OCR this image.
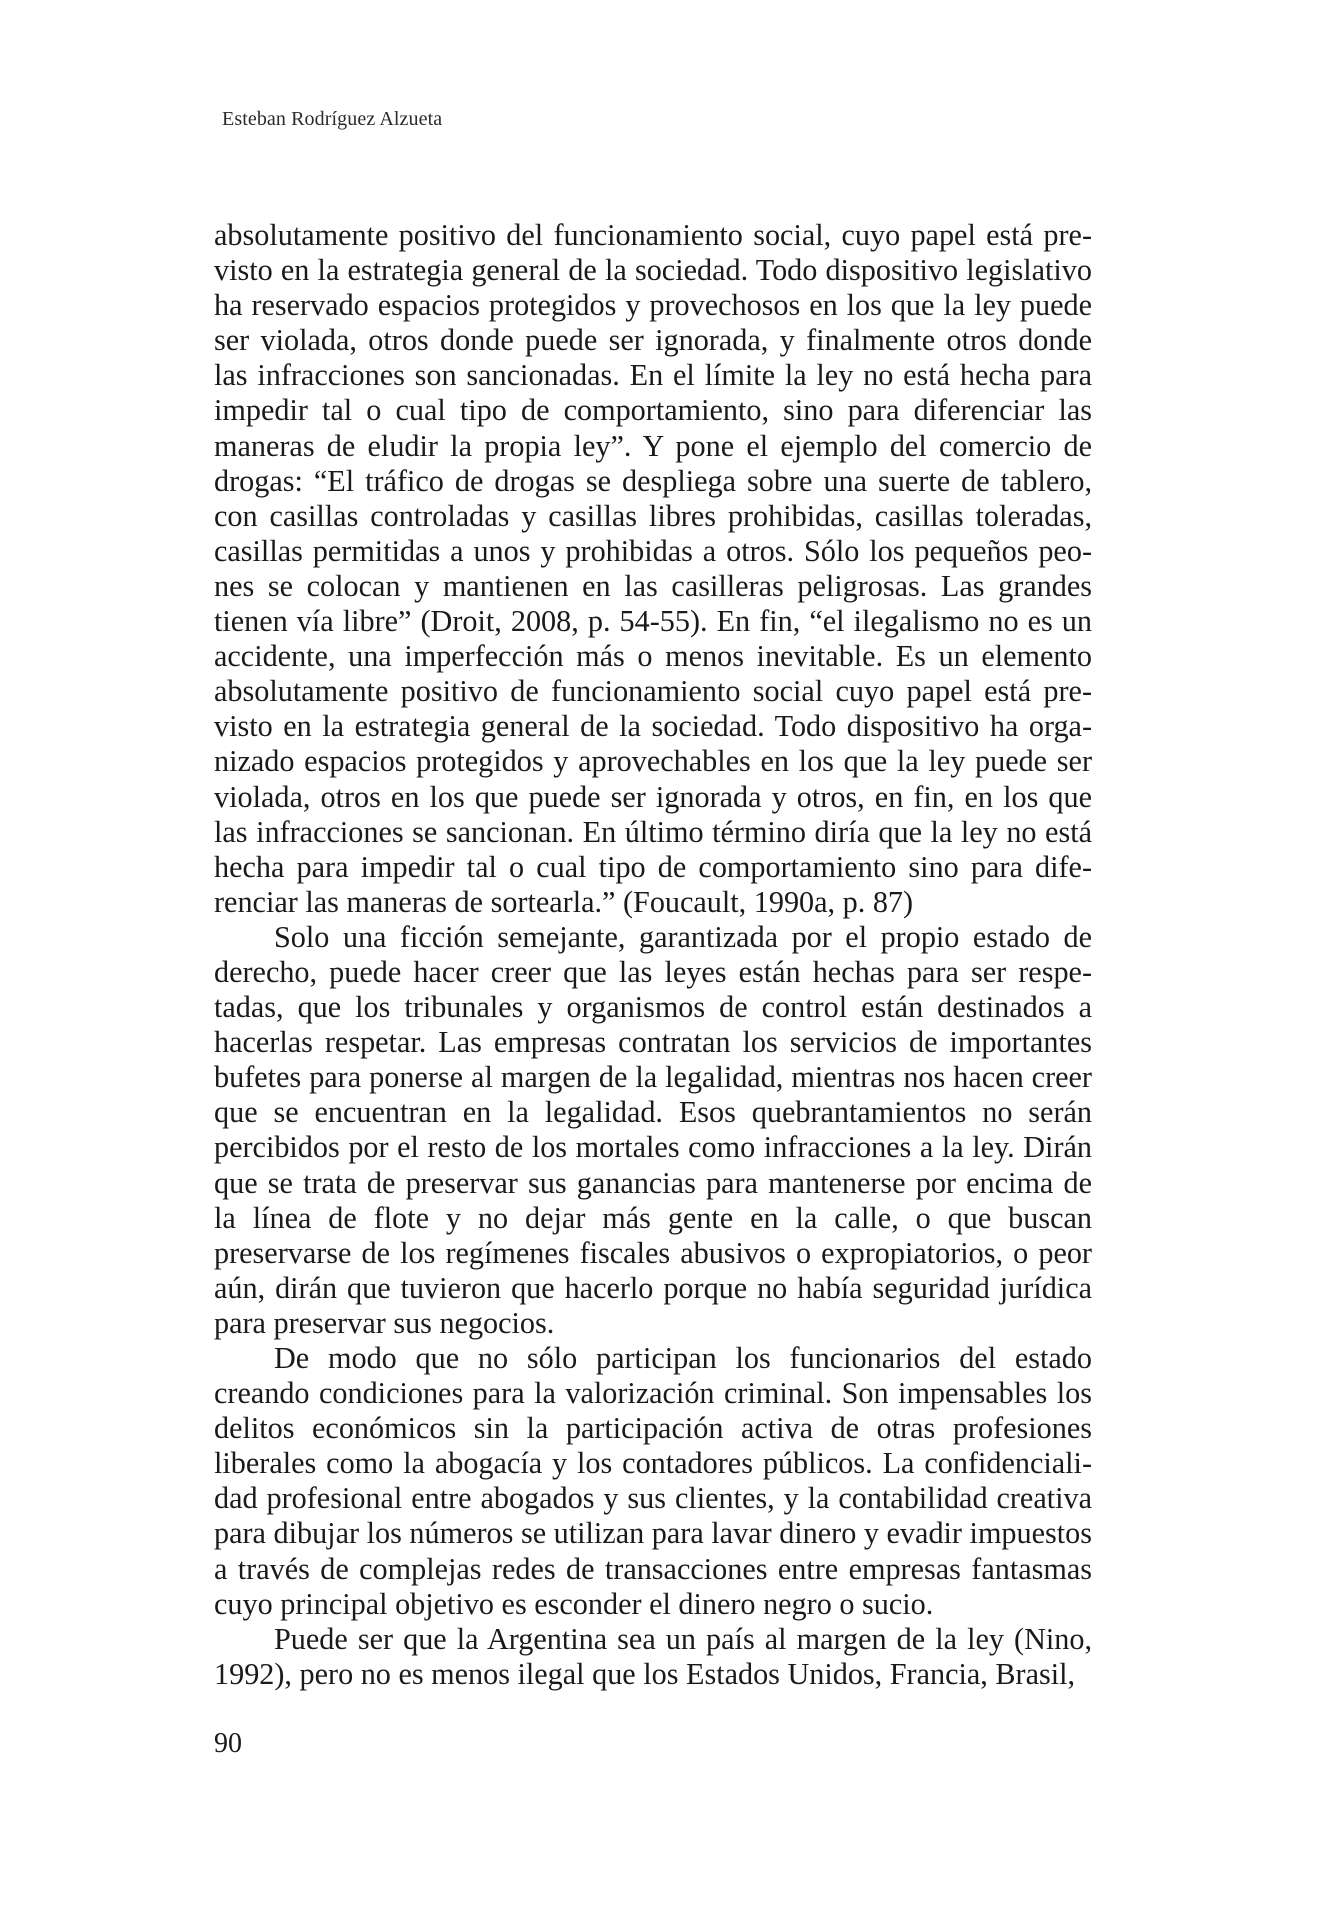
Esteban Rodríguez Alzueta

absolutamente positivo del funcionamiento social, cuyo papel está previsto en la estrategia general de la sociedad. Todo dispositivo legislativo ha reservado espacios protegidos y provechosos en los que la ley puede ser violada, otros donde puede ser ignorada, y finalmente otros donde las infracciones son sancionadas. En el límite la ley no está hecha para impedir tal o cual tipo de comportamiento, sino para diferenciar las maneras de eludir la propia ley”. Y pone el ejemplo del comercio de drogas: “El tráfico de drogas se despliega sobre una suerte de tablero, con casillas controladas y casillas libres prohibidas, casillas toleradas, casillas permitidas a unos y prohibidas a otros. Sólo los pequeños peones se colocan y mantienen en las casilleras peligrosas. Las grandes tienen vía libre” (Droit, 2008, p. 54-55). En fin, “el ilegalismo no es un accidente, una imperfección más o menos inevitable. Es un elemento absolutamente positivo de funcionamiento social cuyo papel está previsto en la estrategia general de la sociedad. Todo dispositivo ha organizado espacios protegidos y aprovechables en los que la ley puede ser violada, otros en los que puede ser ignorada y otros, en fin, en los que las infracciones se sancionan. En último término diría que la ley no está hecha para impedir tal o cual tipo de comportamiento sino para diferenciar las maneras de sortearla.” (Foucault, 1990a, p. 87)

Solo una ficción semejante, garantizada por el propio estado de derecho, puede hacer creer que las leyes están hechas para ser respetadas, que los tribunales y organismos de control están destinados a hacerlas respetar. Las empresas contratan los servicios de importantes bufetes para ponerse al margen de la legalidad, mientras nos hacen creer que se encuentran en la legalidad. Esos quebrantamientos no serán percibidos por el resto de los mortales como infracciones a la ley. Dirán que se trata de preservar sus ganancias para mantenerse por encima de la línea de flote y no dejar más gente en la calle, o que buscan preservarse de los regímenes fiscales abusivos o expropiatorios, o peor aún, dirán que tuvieron que hacerlo porque no había seguridad jurídica para preservar sus negocios.

De modo que no sólo participan los funcionarios del estado creando condiciones para la valorización criminal. Son impensables los delitos económicos sin la participación activa de otras profesiones liberales como la abogacía y los contadores públicos. La confidencialidad profesional entre abogados y sus clientes, y la contabilidad creativa para dibujar los números se utilizan para lavar dinero y evadir impuestos a través de complejas redes de transacciones entre empresas fantasmas cuyo principal objetivo es esconder el dinero negro o sucio.

Puede ser que la Argentina sea un país al margen de la ley (Nino, 1992), pero no es menos ilegal que los Estados Unidos, Francia, Brasil,

90
